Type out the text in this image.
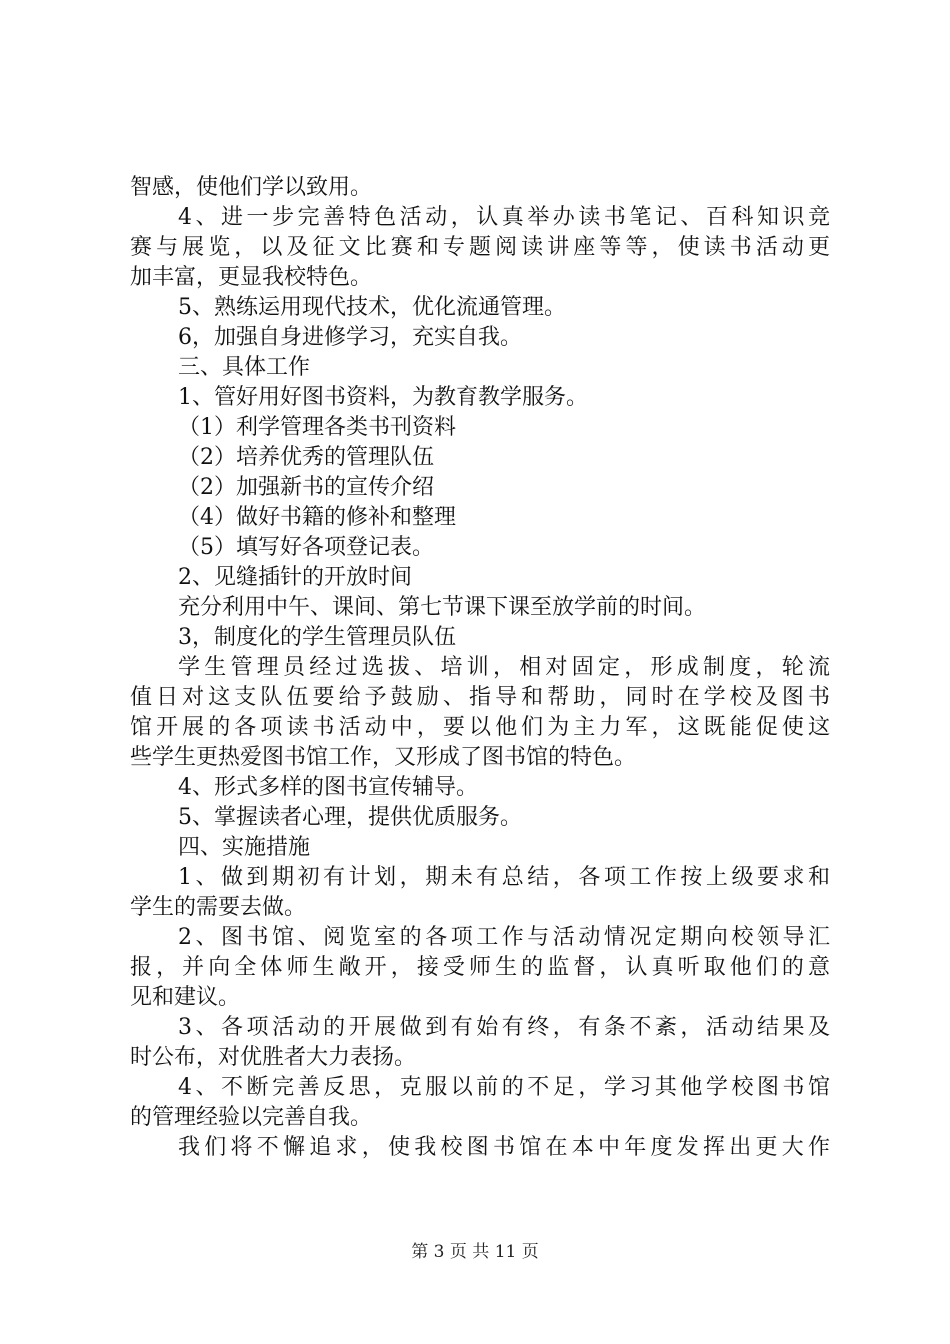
智感，使他们学以致用。
4、进一步完善特色活动，认真举办读书笔记、百科知识竞
赛与展览，以及征文比赛和专题阅读讲座等等，使读书活动更
加丰富，更显我校特色。
5、熟练运用现代技术，优化流通管理。
6，加强自身进修学习，充实自我。
三、具体工作
1、管好用好图书资料，为教育教学服务。
（1）利学管理各类书刊资料
（2）培养优秀的管理队伍
（2）加强新书的宣传介绍
（4）做好书籍的修补和整理
（5）填写好各项登记表。
2、见缝插针的开放时间
充分利用中午、课间、第七节课下课至放学前的时间。
3，制度化的学生管理员队伍
学生管理员经过选拔、培训，相对固定，形成制度，轮流
值日对这支队伍要给予鼓励、指导和帮助，同时在学校及图书
馆开展的各项读书活动中，要以他们为主力军，这既能促使这
些学生更热爱图书馆工作，又形成了图书馆的特色。
4、形式多样的图书宣传辅导。
5、掌握读者心理，提供优质服务。
四、实施措施
1、做到期初有计划，期未有总结，各项工作按上级要求和
学生的需要去做。
2、图书馆、阅览室的各项工作与活动情况定期向校领导汇
报，并向全体师生敞开，接受师生的监督，认真听取他们的意
见和建议。
3、各项活动的开展做到有始有终，有条不紊，活动结果及
时公布，对优胜者大力表扬。
4、不断完善反思，克服以前的不足，学习其他学校图书馆
的管理经验以完善自我。
我们将不懈追求，使我校图书馆在本中年度发挥出更大作
第 3 页 共 11 页
